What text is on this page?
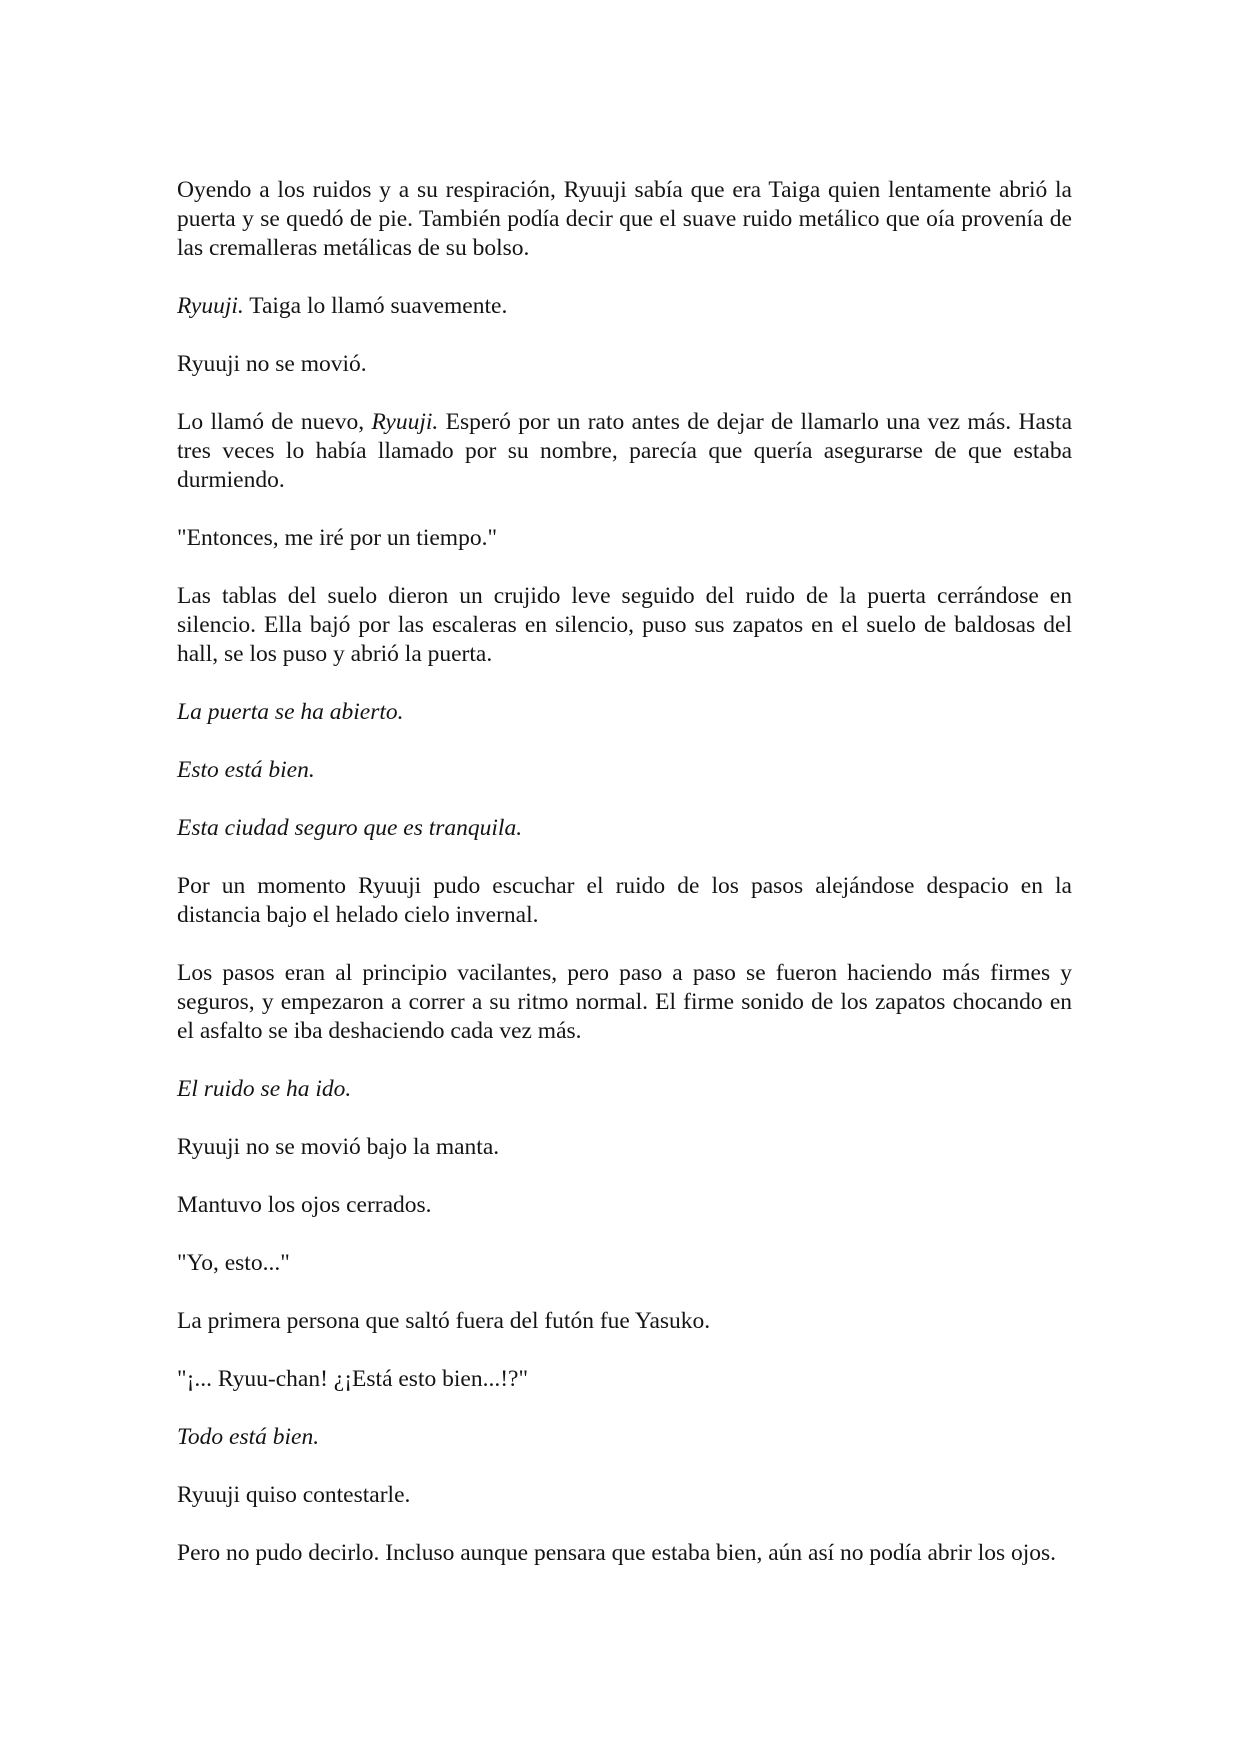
Oyendo a los ruidos y a su respiración, Ryuuji sabía que era Taiga quien lentamente abrió la puerta y se quedó de pie. También podía decir que el suave ruido metálico que oía provenía de las cremalleras metálicas de su bolso.

Ryuuji. Taiga lo llamó suavemente.

Ryuuji no se movió.

Lo llamó de nuevo, Ryuuji. Esperó por un rato antes de dejar de llamarlo una vez más. Hasta tres veces lo había llamado por su nombre, parecía que quería asegurarse de que estaba durmiendo.

"Entonces, me iré por un tiempo."

Las tablas del suelo dieron un crujido leve seguido del ruido de la puerta cerrándose en silencio. Ella bajó por las escaleras en silencio, puso sus zapatos en el suelo de baldosas del hall, se los puso y abrió la puerta.

La puerta se ha abierto.

Esto está bien.

Esta ciudad seguro que es tranquila.

Por un momento Ryuuji pudo escuchar el ruido de los pasos alejándose despacio en la distancia bajo el helado cielo invernal.

Los pasos eran al principio vacilantes, pero paso a paso se fueron haciendo más firmes y seguros, y empezaron a correr a su ritmo normal. El firme sonido de los zapatos chocando en el asfalto se iba deshaciendo cada vez más.

El ruido se ha ido.

Ryuuji no se movió bajo la manta.

Mantuvo los ojos cerrados.

"Yo, esto..."

La primera persona que saltó fuera del futón fue Yasuko.

"¡... Ryuu-chan! ¿¡Está esto bien...!?"

Todo está bien.

Ryuuji quiso contestarle.

Pero no pudo decirlo. Incluso aunque pensara que estaba bien, aún así no podía abrir los ojos.
